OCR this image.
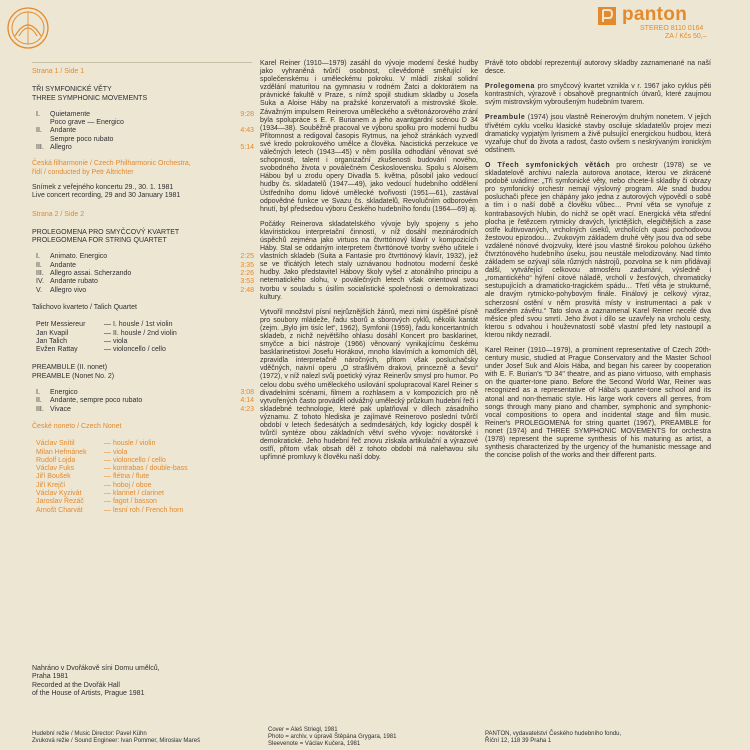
panton
STEREO 8110 0164
ZA / Kčs 50,–
Strana 1 / Side 1
TŘI SYMFONICKÉ VĚTY
THREE SYMPHONIC MOVEMENTS
I.	Quietamente	9:28
Poco grave — Energico
II.	Andante	4:43
Sempre poco rubato
III. Allegro	5:14
Česká filharmonie / Czech Philharmonic Orchestra,
řídí / conducted by Petr Altrichter
Snímek z veřejného koncertu 29., 30. 1. 1981
Live concert recording, 29 and 30 January 1981
Strana 2 / Side 2
PROLEGOMENA PRO SMYČCOVÝ KVARTET
PROLEGOMENA FOR STRING QUARTET
I.	Animato. Energico	2:25
II.	Andante	3:35
III. Allegro assai. Scherzando	2:26
IV. Andante rubato	3:53
V.	Allegro vivo	2:48
Talichovo kvarteto / Talich Quartet
Petr Messiereur	— I. housle / 1st violin
Jan Kvapil	— II. housle / 2nd violin
Jan Talich	— viola
Evžen Rattay	— violoncello / cello
PREAMBULE (II. nonet)
PREAMBLE (Nonet No. 2)
I.	Energico	3:08
II.	Andante, sempre poco rubato	4:14
III. Vivace	4:23
České noneto / Czech Nonet
Václav Snítil	— housle / violin
Milan Hefmánek	— viola
Rudolf Lojda	— violoncello / cello
Václav Fuks	— kontrabas / double-bass
Jiří Boušek	— flétna / flute
Jiří Krejčí	— hoboj / oboe
Václav Kyzivát	— klarinet / clarinet
Jaroslav Řezáč	— fagot / basson
Arnošt Charvát	— lesní roh / French horn
Nahráno v Dvořákově síni Domu umělců,
Praha 1981
Recorded at the Dvořák Hall
of the House of Artists, Prague 1981

Karel Reiner (1910—1979) zasáhl do vývoje moderní české hudby jako vyhraněná tvůrčí osobnost, cílevědomě směřující ke společenskému i uměleckému pokroku. V mládí získal solidní vzdělání maturitou na gymnasiu v rodném Žatci a doktorátem na právnické fakultě v Praze, s nímž spojil studium skladby u Josefa Suka a Aloise Háby na pražské konzervatoři a mistrovské škole. Závažným impulsem Reinerova uměleckého a světonázorového zrání byla spolupráce s E. F. Burianem a jeho avantgardní scénou D 34 (1934—38). Souběžně pracoval ve výboru spolku pro moderní hudbu Přítomnost a redigoval časopis Rytmus, na jehož stránkách vyzvedl své kredo pokrokového umělce a člověka. Nacistická perzekuce ve válečných letech (1943—45) v něm posílila odhodlání věnovat své schopnosti, talent i organizační zkušenosti budování nového, svobodného života v poválečném Československu. Spolu s Aloisem Hábou byl u zrodu opery Divadla 5. května, působil jako vedoucí hudby čs. skladatelů (1947—49), jako vedoucí hudebního oddělení Ústředního domu lidové umělecké tvořivosti (1951—61), zastával odpovědné funkce ve Svazu čs. skladatelů, Revolučním odborovém hnutí, byl předsedou výboru Českého hudebního fondu (1964—69) aj.

Počátky Reinerova skladatelského vývoje byly spojeny s jeho klavíristickou interpretační činností, v níž dosáhl mezinárodních úspěchů zejména jako virtuos na čtvrttónový klavír v kompozicích Háby. Stal se oddaným interpretem čtvrttónové tvorby svého učitele i vlastních skladeb (Suita a Fantasie pro čtvrttónový klavír, 1932), jež se ve třicátých letech staly uznávanou hodnotou moderní české hudby. Jako představitel Hábovy školy vyšel z atonálního principu a netematického slohu, v poválečných letech však orientoval svou tvorbu v souladu s úsilím socialistické společnosti o demokratizaci kultury.

Vytvořil množství písní nejrůznějších žánrů, mezi nimi úspěšné písně pro soubory mládeže, řadu sborů a sborových cyklů, několik kantát (zejm. „Bylo jim tisíc let“, 1962), Symfonii (1959), řadu koncertantních skladeb, z nichž největšího ohlasu dosáhl Koncert pro basklarinet, smyčce a bicí nástroje (1966) věnovaný vynikajícímu českému basklarinetistovi Josefu Horákovi, mnoho klavírních a komorních děl, zpravidla interpretačně náročných, přitom však posluchačsky vděčných, naivní operu „O strašlivém drakovi, princezně a ševci“ (1972), v níž nalezl svůj poetický výraz Reinerův smysl pro humor. Po celou dobu svého uměleckého usilování spolupracoval Karel Reiner s divadelními scénami, filmem a rozhlasem a v kompozicích pro ně vytvořených často prováděl odvážný umělecký průzkum hudební řeči i skladebné technologie, které pak uplatňoval v dílech zásadního významu. Z tohoto hlediska je zajímavé Reinerovo poslední tvůrčí období v letech šedesátých a sedmdesátých, kdy logicky dospěl k tvůrčí syntéze obou základních větví svého vývoje: novátorské i demokratické. Jeho hudební řeč znovu získala artikulační a výrazové ostří, přitom však obsah děl z tohoto období má nalehavou silu upřímné promluvy k člověku naší doby.

Právě toto období reprezentují autorovy skladby zaznamenané na naší desce.

Prolegomena pro smyčcový kvartet vznikla v r. 1967 jako cyklus pěti kontrastních, výrazově i obsahově pregnantních útvarů, které zaujmou svým mistrovským vybroušeným hudebním tvarem.

Preambule (1974) jsou vlastně Reinerovým druhým nonetem. V jejich třívětém cyklu vcelku klasické stavby osciluje skladatelův projev mezi dramaticky vypjatým lyrismem a živě pulsující energickou hudbou, která vyzařuje chuť do života a radost, často ovšem s neskrývaným ironickým odstínem.

O Třech symfonických větách pro orchestr (1978) se ve skladatelově archivu nalezla autorova anotace, kterou ve zkrácené podobě uvádíme: „Tři symfonické věty, nebo chcete-li skladby či obrazy pro symfonický orchestr nemají výslovný program. Ale snad budou posluchači přece jen chápány jako jedna z autorových výpovědí o sobě a tím i o naší době a člověku vůbec… První věta se vynořuje z kontrabasových hlubin, do nichž se opět vrací. Energická věta střední plocha je řetězcem rytmicky dravých, lyrictějších, elegičtějších a zase ostře kultivovaných, vrcholných úseků, vrcholících quasi pochodovou žestovou epizodou… Zvukovým základem druhé věty jsou dva od sebe vzdálené nónové dvojzvuky, které jsou vlastně širokou polohou úzkého čtvrztónového hudebního úseku, jsou neustále melodizovány. Nad tímto základem se ozývají sóla různých nástrojů, pozvolna se k nim přidávají další, vytvářející celkovou atmosféru zadumání, výsledně i „romantického“ hýření citové náladě, vrcholí v žesťových, chromaticky sestupujících a dramaticko-tragickém spádu… Třetí věta je strukturně, ale dravým rytmicko-pohybovým finále. Finálový je celkový výraz, scherzosní ostění v něm prosvítá místy v instrumentaci a pak v nadšeném závěru.“ Tato slova a zaznamenal Karel Reiner necelé dva měsíce před svou smrtí. Jeho život i dílo se uzavřely na vrcholu cesty, kterou s odvahou i houževnatostí sobě vlastní před lety nastoupil a kterou nikdy nezradil.

Karel Reiner (1910—1979), a prominent representative of Czech 20th-century music, studied at Prague Conservatory and the Master School under Josef Suk and Alois Hába, and began his career by cooperation with E. F. Burian's "D 34" theatre, and as piano virtuoso, with emphasis on the quarter-tone piano. Before the Second World War, Reiner was recognized as a representative of Hába's quarter-tone school and its atonal and non-thematic style. His large work covers all genres, from songs through many piano and chamber, symphonic and symphonic-vocal compositions to opera and incidental stage and film music. Reiner's PROLEGOMENA for string quartet (1967), PREAMBLE for nonet (1974) and THREE SYMPHONIC MOVEMENTS for orchestra (1978) represent the supreme synthesis of his maturing as artist, a synthesis characterized by the urgency of the humanistic message and the concise polish of the works and their different parts.

Hudební režie / Music Director: Pavel Kühn
Zvuková režie / Sound Engineer: Ivan Pommer, Miroslav Mareš
Cover = Aleš Striegl, 1981
Photo = archiv, v úpravě Štěpána Grygara, 1981
Sleevenote = Václav Kučera, 1981
PANTON, vydavatelství Českého hudebního fondu,
Říční 12, 118 39 Praha 1
